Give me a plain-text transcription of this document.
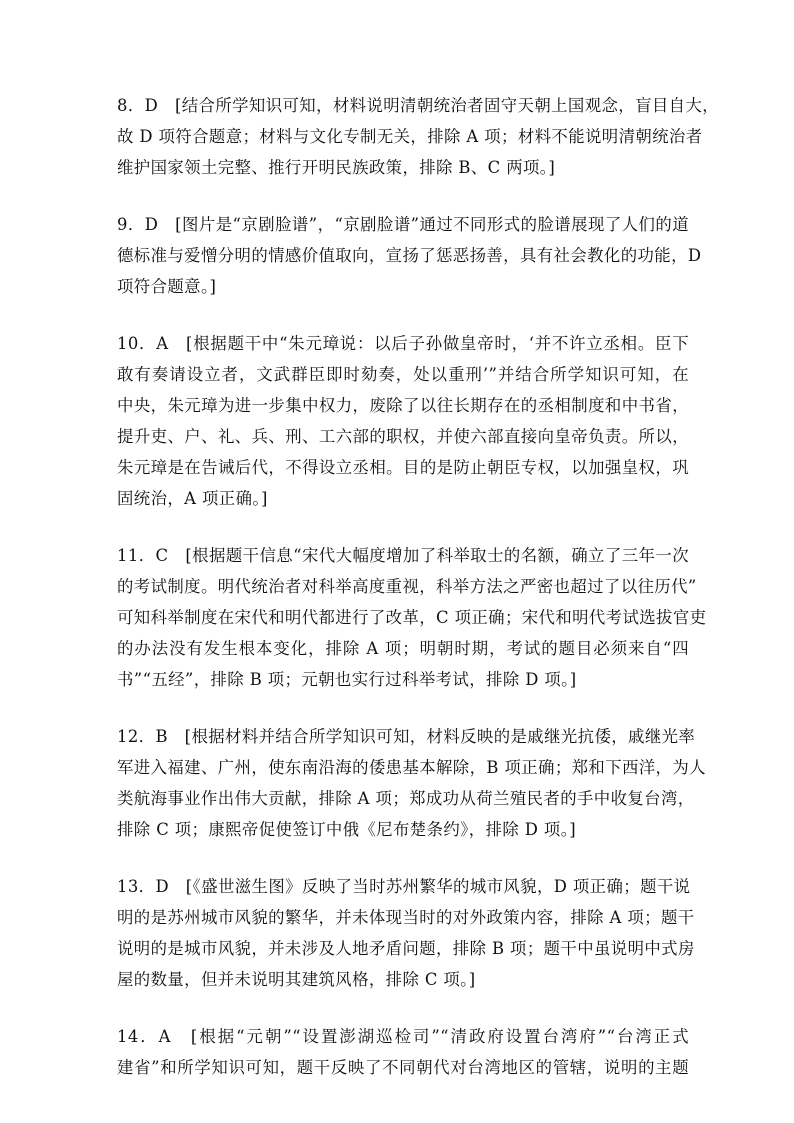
8．D　[结合所学知识可知，材料说明清朝统治者固守天朝上国观念，盲目自大，
故 D 项符合题意；材料与文化专制无关，排除 A 项；材料不能说明清朝统治者
维护国家领土完整、推行开明民族政策，排除 B、C 两项。]
9．D　[图片是“京剧脸谱”，“京剧脸谱”通过不同形式的脸谱展现了人们的道
德标准与爱憎分明的情感价值取向，宣扬了惩恶扬善，具有社会教化的功能，D
项符合题意。]
10．A　[根据题干中“朱元璋说：以后子孙做皇帝时，‘并不许立丞相。臣下
敢有奏请设立者，文武群臣即时劾奏，处以重刑’”并结合所学知识可知，在
中央，朱元璋为进一步集中权力，废除了以往长期存在的丞相制度和中书省，
提升吏、户、礼、兵、刑、工六部的职权，并使六部直接向皇帝负责。所以，
朱元璋是在告诫后代，不得设立丞相。目的是防止朝臣专权，以加强皇权，巩
固统治，A 项正确。]
11．C　[根据题干信息“宋代大幅度增加了科举取士的名额，确立了三年一次
的考试制度。明代统治者对科举高度重视，科举方法之严密也超过了以往历代”
可知科举制度在宋代和明代都进行了改革，C 项正确；宋代和明代考试选拔官吏
的办法没有发生根本变化，排除 A 项；明朝时期，考试的题目必须来自“四
书”“五经”，排除 B 项；元朝也实行过科举考试，排除 D 项。]
12．B　[根据材料并结合所学知识可知，材料反映的是戚继光抗倭，戚继光率
军进入福建、广州，使东南沿海的倭患基本解除，B 项正确；郑和下西洋，为人
类航海事业作出伟大贡献，排除 A 项；郑成功从荷兰殖民者的手中收复台湾，
排除 C 项；康熙帝促使签订中俄《尼布楚条约》，排除 D 项。]
13．D　[《盛世滋生图》反映了当时苏州繁华的城市风貌，D 项正确；题干说
明的是苏州城市风貌的繁华，并未体现当时的对外政策内容，排除 A 项；题干
说明的是城市风貌，并未涉及人地矛盾问题，排除 B 项；题干中虽说明中式房
屋的数量，但并未说明其建筑风格，排除 C 项。]
14．A　[根据“元朝”“设置澎湖巡检司”“清政府设置台湾府”“台湾正式
建省”和所学知识可知，题干反映了不同朝代对台湾地区的管辖，说明的主题
